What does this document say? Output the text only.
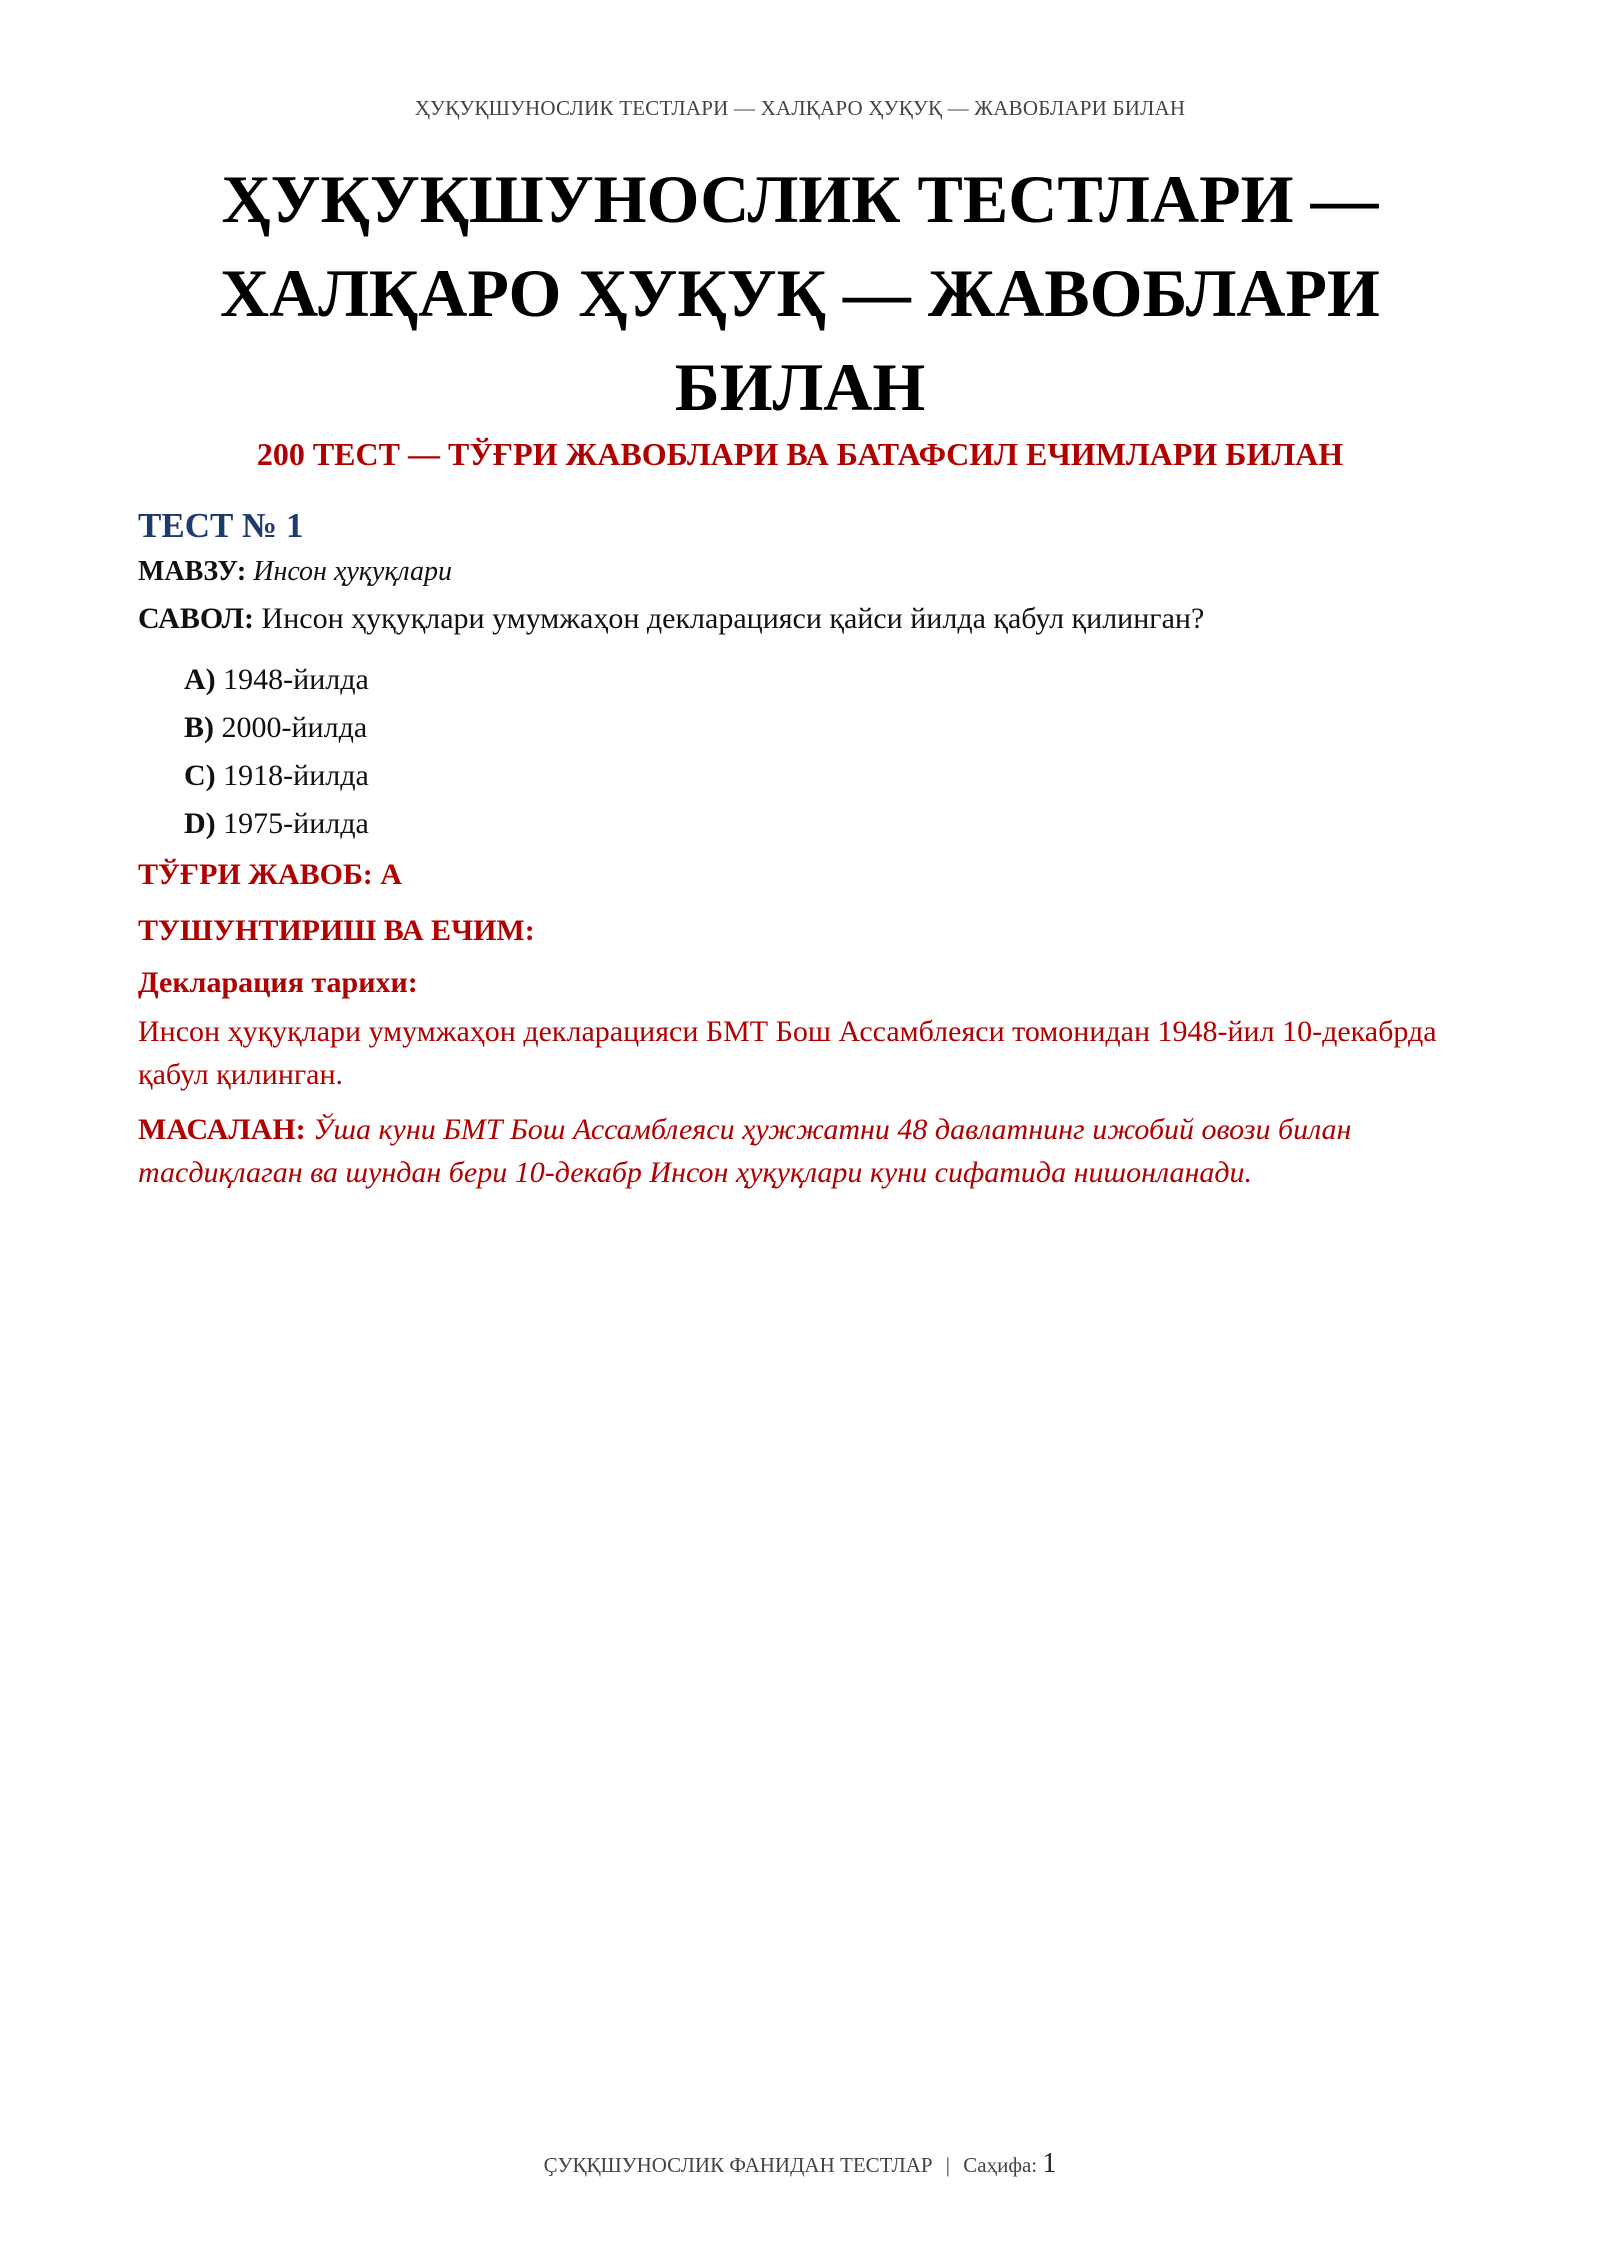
ҲУҚУҚШУНОСЛИК ТЕСТЛАРИ — ХАЛҚАРО ҲУҚУҚ — ЖАВОБЛАРИ БИЛАН
ҲУҚУҚШУНОСЛИК ТЕСТЛАРИ —
ХАЛҚАРО ҲУҚУҚ — ЖАВОБЛАРИ
БИЛАН
200 ТЕСТ — ТЎҒРИ ЖАВОБЛАРИ ВА БАТАФСИЛ ЕЧИМЛАРИ БИЛАН
ТЕСТ № 1
МАВЗУ: Инсон ҳуқуқлари
САВОЛ: Инсон ҳуқуқлари умумжаҳон декларацияси қайси йилда қабул қилинган?
A) 1948-йилда
B) 2000-йилда
C) 1918-йилда
D) 1975-йилда
ТЎҒРИ ЖАВОБ: A
ТУШУНТИРИШ ВА ЕЧИМ:
Декларация тарихи:
Инсон ҳуқуқлари умумжаҳон декларацияси БМТ Бош Ассамблеяси томонидан 1948-йил 10-декабрда қабул қилинган.
МАСАЛАН: Ўша куни БМТ Бош Ассамблеяси ҳужжатни 48 давлатнинг ижобий овози билан тасдиқлаган ва шундан бери 10-декабр Инсон ҳуқуқлари куни сифатида нишонланади.
ҪУҚҚШУНОСЛИК ФАНИДАН ТЕСТЛАР | Саҳифа: 1
